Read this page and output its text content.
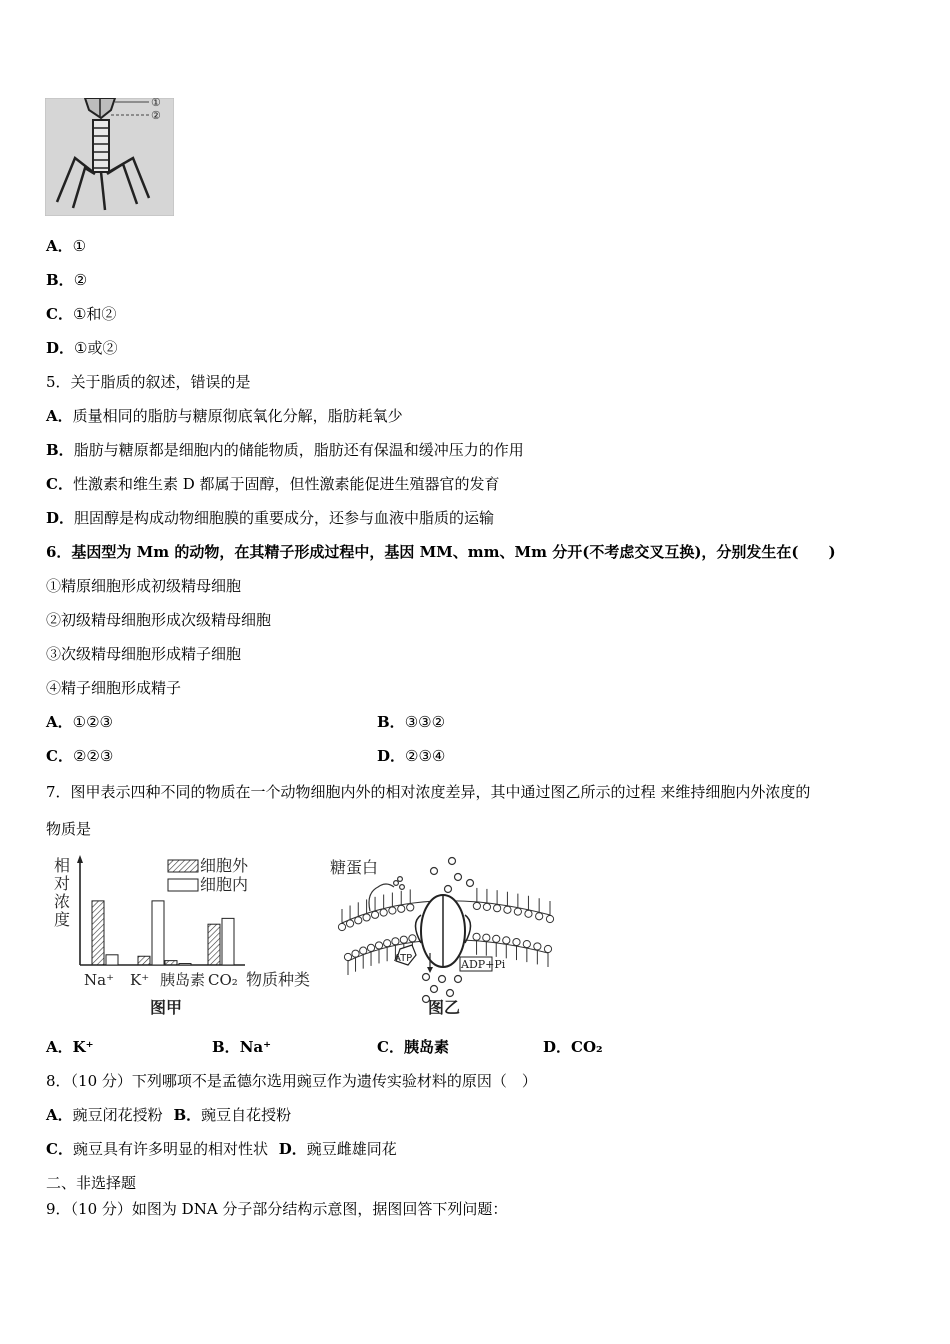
①
②
A．①
B．②
C．①和②
D．①或②
5．关于脂质的叙述，错误的是
A．质量相同的脂肪与糖原彻底氧化分解，脂肪耗氧少
B．脂肪与糖原都是细胞内的储能物质，脂肪还有保温和缓冲压力的作用
C．性激素和维生素 D 都属于固醇，但性激素能促进生殖器官的发育
D．胆固醇是构成动物细胞膜的重要成分，还参与血液中脂质的运输
6．基因型为 Mm 的动物，在其精子形成过程中，基因 MM、mm、Mm 分开(不考虑交叉互换)，分别发生在(　　)
①精原细胞形成初级精母细胞
②初级精母细胞形成次级精母细胞
③次级精母细胞形成精子细胞
④精子细胞形成精子
A．①②③	B．③③②
C．②②③	D．②③④
7．图甲表示四种不同的物质在一个动物细胞内外的相对浓度差异，其中通过图乙所示的过程 来维持细胞内外浓度的
物质是
相对浓度
细胞外
细胞内
Na⁺ K⁺ 胰岛素 CO₂ 物质种类
图甲
糖蛋白
ATP	ADP+Pi
图乙
A．K⁺	B．Na⁺	C．胰岛素	D．CO₂
8．（10 分）下列哪项不是孟德尔选用豌豆作为遗传实验材料的原因（　）
A．豌豆闭花授粉 B．豌豆自花授粉
C．豌豆具有许多明显的相对性状 D．豌豆雌雄同花
二、非选择题
9．（10 分）如图为 DNA 分子部分结构示意图，据图回答下列问题：
